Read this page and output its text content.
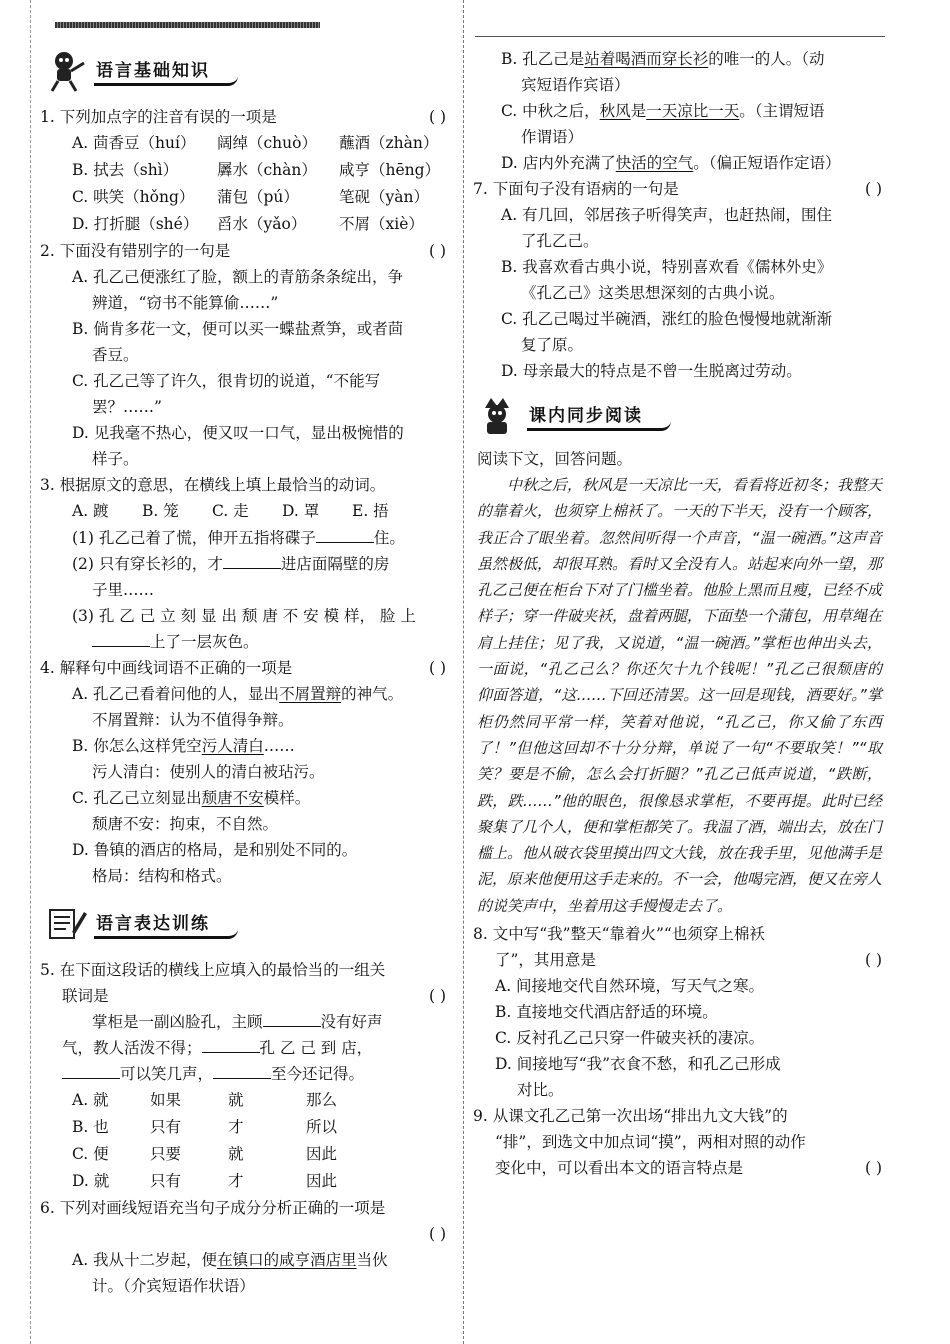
语言基础知识

1. 下列加点字的注音有误的一项是	( )

A. 茴香豆（huí）	阔绰（chuò）	蘸酒（zhàn）
B. 拭去（shì）	羼水（chàn）	咸亨（hēng）
C. 哄笑（hǒng）	蒲包（pú）	笔砚（yàn）
D. 打折腿（shé）	舀水（yǎo）	不屑（xiè）

2. 下面没有错别字的一句是	( )

A. 孔乙己便涨红了脸，额上的青筋条条绽出，争
辨道，“窃书不能算偷……”
B. 倘肯多花一文，便可以买一蝶盐煮笋，或者茴
香豆。
C. 孔乙己等了许久，很肯切的说道，“不能写
罢？……”
D. 见我毫不热心，便又叹一口气，显出极惋惜的
样子。

3. 根据原文的意思，在横线上填上最恰当的动词。

A. 踱	B. 笼	C. 走	D. 罩	E. 捂
(1) 孔乙己着了慌，伸开五指将碟子	住。
(2) 只有穿长衫的，才	进店面隔壁的房
子里……
(3) 孔 乙 己 立 刻 显 出 颓 唐 不 安 模 样， 脸 上
上了一层灰色。

4. 解释句中画线词语不正确的一项是	( )

A. 孔乙己看着问他的人，显出不屑置辩的神气。
不屑置辩：认为不值得争辩。
B. 你怎么这样凭空污人清白……
污人清白：使别人的清白被玷污。
C. 孔乙己立刻显出颓唐不安模样。
颓唐不安：拘束，不自然。
D. 鲁镇的酒店的格局，是和别处不同的。
格局：结构和格式。
语言表达训练

5. 在下面这段话的横线上应填入的最恰当的一组关

联词是	( )

掌柜是一副凶脸孔，主顾	没有好声
气，教人活泼不得；	孔 乙 己 到 店，
可以笑几声，	至今还记得。
A. 就	如果	就	那么
B. 也	只有	才	所以
C. 便	只要	就	因此
D. 就	只有	才	因此

6. 下列对画线短语充当句子成分分析正确的一项是

( )

A. 我从十二岁起，便在镇口的咸亨酒店里当伙
计。（介宾短语作状语）
B. 孔乙己是站着喝酒而穿长衫的唯一的人。（动
宾短语作宾语）
C. 中秋之后，秋风是一天凉比一天。（主谓短语
作谓语）
D. 店内外充满了快活的空气。（偏正短语作定语）

7. 下面句子没有语病的一句是	( )

A. 有几回，邻居孩子听得笑声，也赶热闹，围住
了孔乙己。
B. 我喜欢看古典小说，特别喜欢看《儒林外史》
《孔乙己》这类思想深刻的古典小说。
C. 孔乙己喝过半碗酒，涨红的脸色慢慢地就渐渐
复了原。
D. 母亲最大的特点是不曾一生脱离过劳动。
课内同步阅读

阅读下文，回答问题。

中秋之后，秋风是一天凉比一天，看看将近初冬；我整天的靠着火，也须穿上棉袄了。一天的下半天，没有一个顾客，我正合了眼坐着。忽然间听得一个声音，“温一碗酒。”这声音虽然极低，却很耳熟。看时又全没有人。站起来向外一望，那孔乙己便在柜台下对了门槛坐着。他脸上黑而且瘦，已经不成样子；穿一件破夹袄，盘着两腿，下面垫一个蒲包，用草绳在肩上挂住；见了我，又说道，“温一碗酒。”掌柜也伸出头去，一面说，“孔乙己么？你还欠十九个钱呢！”孔乙己很颓唐的仰面答道，“这……下回还清罢。这一回是现钱，酒要好。”掌柜仍然同平常一样，笑着对他说，“孔乙己，你又偷了东西了！”但他这回却不十分分辩，单说了一句“不要取笑！”“取笑？要是不偷，怎么会打折腿？”孔乙己低声说道，“跌断，跌，跌……”他的眼色，很像恳求掌柜，不要再提。此时已经聚集了几个人，便和掌柜都笑了。我温了酒，端出去，放在门槛上。他从破衣袋里摸出四文大钱，放在我手里，见他满手是泥，原来他便用这手走来的。不一会，他喝完酒，便又在旁人的说笑声中，坐着用这手慢慢走去了。

8. 文中写“我”整天“靠着火”“也须穿上棉袄

了”，其用意是	( )

A. 间接地交代自然环境，写天气之寒。
B. 直接地交代酒店舒适的环境。
C. 反衬孔乙己只穿一件破夹袄的凄凉。
D. 间接地写“我”衣食不愁，和孔乙己形成
对比。

9. 从课文孔乙己第一次出场“排出九文大钱”的

“排”，到选文中加点词“摸”，两相对照的动作

变化中，可以看出本文的语言特点是	( )
